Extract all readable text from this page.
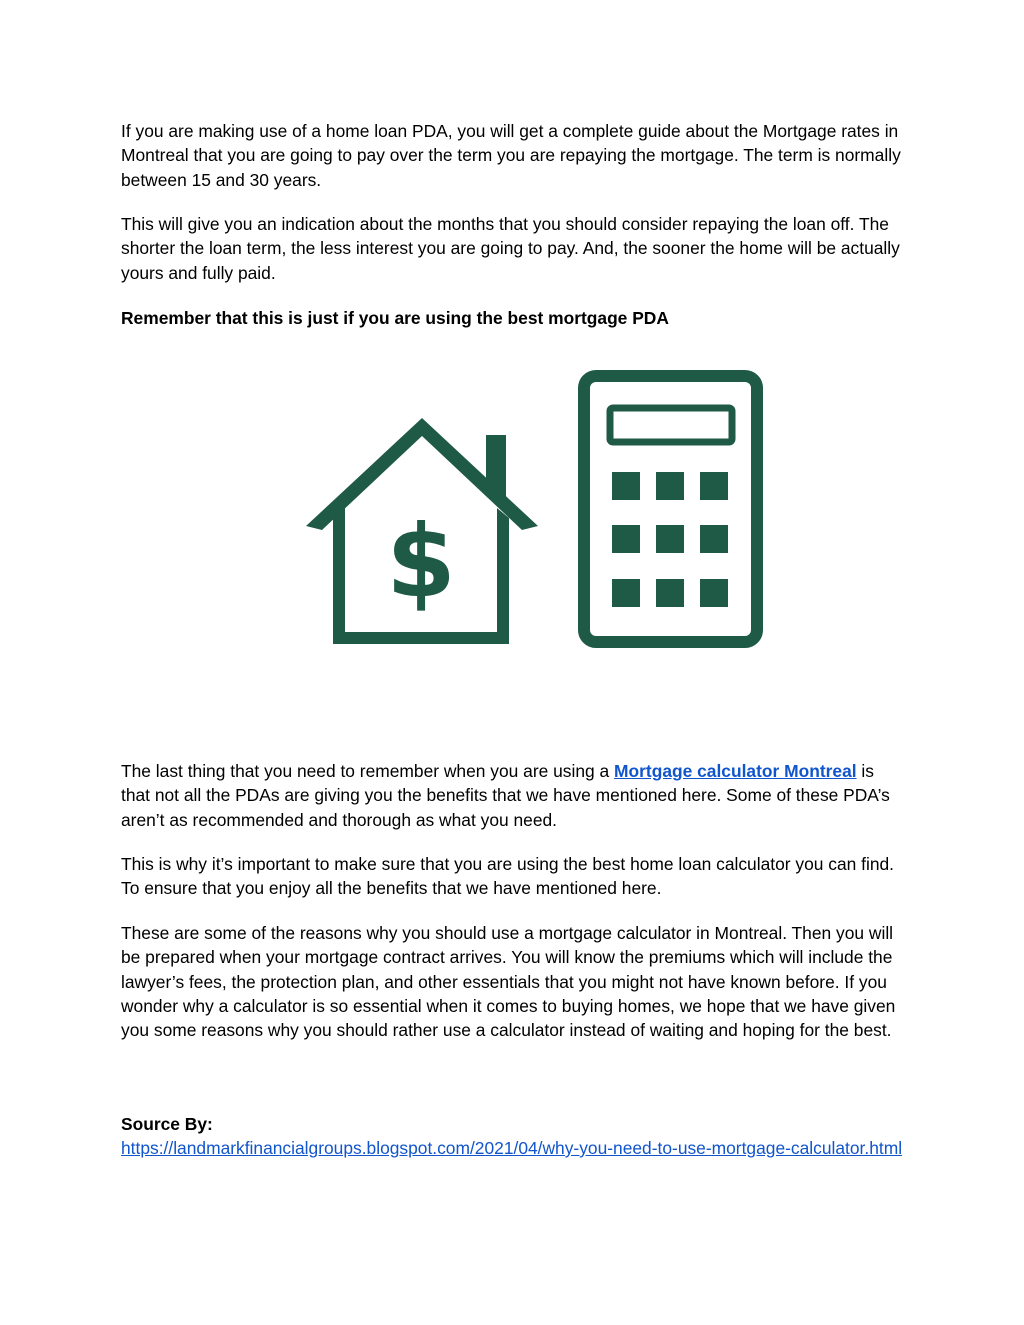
If you are making use of a home loan PDA, you will get a complete guide about the Mortgage rates in Montreal that you are going to pay over the term you are repaying the mortgage. The term is normally between 15 and 30 years.

This will give you an indication about the months that you should consider repaying the loan off. The shorter the loan term, the less interest you are going to pay. And, the sooner the home will be actually yours and fully paid.

Remember that this is just if you are using the best mortgage PDA

$

The last thing that you need to remember when you are using a Mortgage calculator Montreal is that not all the PDAs are giving you the benefits that we have mentioned here. Some of these PDA’s aren’t as recommended and thorough as what you need.

This is why it’s important to make sure that you are using the best home loan calculator you can find. To ensure that you enjoy all the benefits that we have mentioned here.

These are some of the reasons why you should use a mortgage calculator in Montreal. Then you will be prepared when your mortgage contract arrives. You will know the premiums which will include the lawyer’s fees, the protection plan, and other essentials that you might not have known before. If you wonder why a calculator is so essential when it comes to buying homes, we hope that we have given you some reasons why you should rather use a calculator instead of waiting and hoping for the best.

Source By:

https://landmarkfinancialgroups.blogspot.com/2021/04/why-you-need-to-use-mortgage-calculator.html
